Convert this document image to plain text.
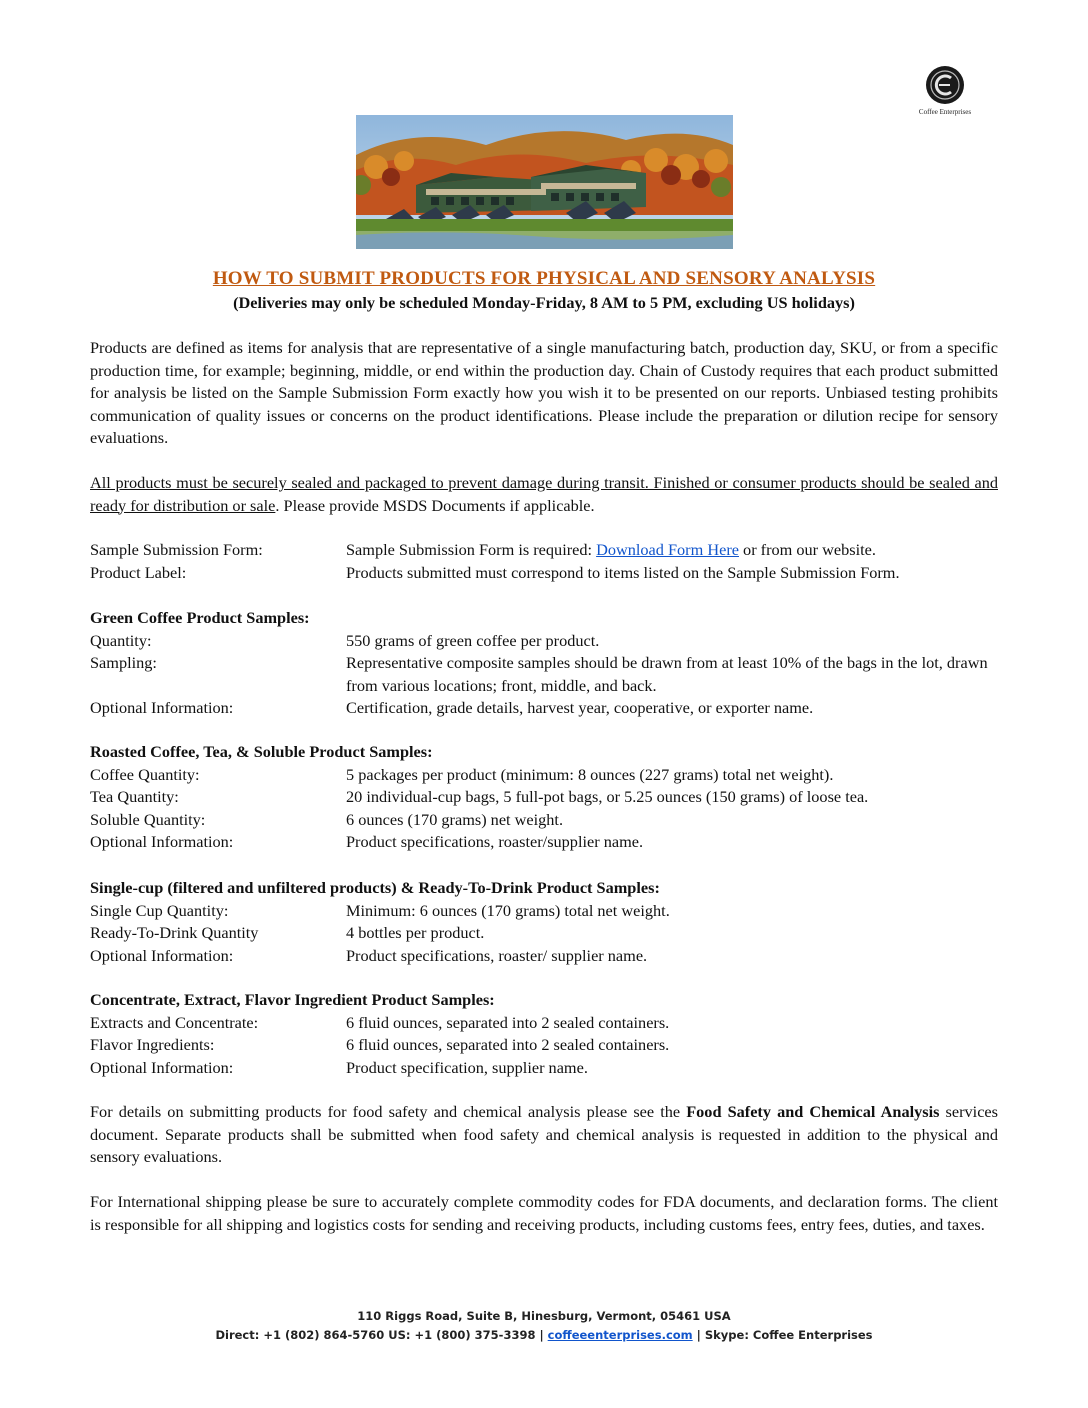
Coffee Enterprises
HOW TO SUBMIT PRODUCTS FOR PHYSICAL AND SENSORY ANALYSIS
(Deliveries may only be scheduled Monday-Friday, 8 AM to 5 PM, excluding US holidays)
Products are defined as items for analysis that are representative of a single manufacturing batch, production day, SKU, or from a specific production time, for example; beginning, middle, or end within the production day. Chain of Custody requires that each product submitted for analysis be listed on the Sample Submission Form exactly how you wish it to be presented on our reports. Unbiased testing prohibits communication of quality issues or concerns on the product identifications. Please include the preparation or dilution recipe for sensory evaluations.
All products must be securely sealed and packaged to prevent damage during transit. Finished or consumer products should be sealed and ready for distribution or sale. Please provide MSDS Documents if applicable.
Sample Submission Form:	Sample Submission Form is required: Download Form Here or from our website.
Product Label:	Products submitted must correspond to items listed on the Sample Submission Form.
Green Coffee Product Samples:
Quantity:	550 grams of green coffee per product.
Sampling:	Representative composite samples should be drawn from at least 10% of the bags in the lot, drawn from various locations; front, middle, and back.
Optional Information:	Certification, grade details, harvest year, cooperative, or exporter name.
Roasted Coffee, Tea, & Soluble Product Samples:
Coffee Quantity:	5 packages per product (minimum: 8 ounces (227 grams) total net weight).
Tea Quantity:	20 individual-cup bags, 5 full-pot bags, or 5.25 ounces (150 grams) of loose tea.
Soluble Quantity:	6 ounces (170 grams) net weight.
Optional Information:	Product specifications, roaster/supplier name.
Single-cup (filtered and unfiltered products) & Ready-To-Drink Product Samples:
Single Cup Quantity:	Minimum: 6 ounces (170 grams) total net weight.
Ready-To-Drink Quantity	4 bottles per product.
Optional Information:	Product specifications, roaster/ supplier name.
Concentrate, Extract, Flavor Ingredient Product Samples:
Extracts and Concentrate:	6 fluid ounces, separated into 2 sealed containers.
Flavor Ingredients:	6 fluid ounces, separated into 2 sealed containers.
Optional Information:	Product specification, supplier name.
For details on submitting products for food safety and chemical analysis please see the Food Safety and Chemical Analysis services document. Separate products shall be submitted when food safety and chemical analysis is requested in addition to the physical and sensory evaluations.
For International shipping please be sure to accurately complete commodity codes for FDA documents, and declaration forms. The client is responsible for all shipping and logistics costs for sending and receiving products, including customs fees, entry fees, duties, and taxes.
110 Riggs Road, Suite B, Hinesburg, Vermont, 05461 USA
Direct: +1 (802) 864-5760 US: +1 (800) 375-3398 | coffeeenterprises.com | Skype: Coffee Enterprises
